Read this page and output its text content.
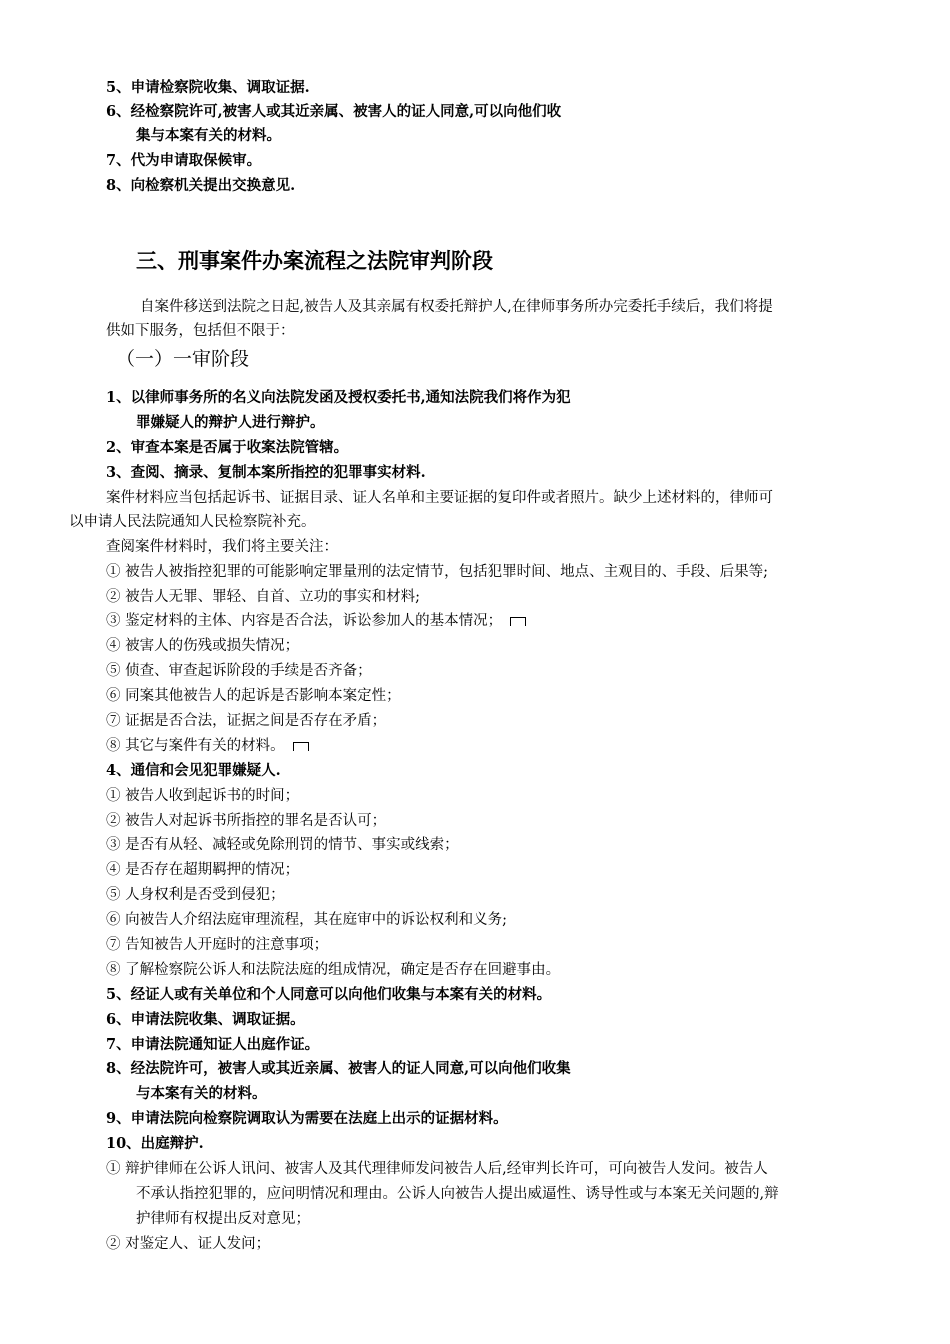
5、申请检察院收集、调取证据.
6、经检察院许可,被害人或其近亲属、被害人的证人同意,可以向他们收
集与本案有关的材料。
7、代为申请取保候审。
8、向检察机关提出交换意见.
三、刑事案件办案流程之法院审判阶段
自案件移送到法院之日起,被告人及其亲属有权委托辩护人,在律师事务所办完委托手续后，我们将提
供如下服务，包括但不限于：
（一）一审阶段
1、以律师事务所的名义向法院发函及授权委托书,通知法院我们将作为犯
罪嫌疑人的辩护人进行辩护。
2、审查本案是否属于收案法院管辖。
3、查阅、摘录、复制本案所指控的犯罪事实材料.
案件材料应当包括起诉书、证据目录、证人名单和主要证据的复印件或者照片。缺少上述材料的，律师可
以申请人民法院通知人民检察院补充。
查阅案件材料时，我们将主要关注：
① 被告人被指控犯罪的可能影响定罪量刑的法定情节，包括犯罪时间、地点、主观目的、手段、后果等;
② 被告人无罪、罪轻、自首、立功的事实和材料;
③ 鉴定材料的主体、内容是否合法，诉讼参加人的基本情况；
④ 被害人的伤残或损失情况；
⑤ 侦查、审查起诉阶段的手续是否齐备；
⑥ 同案其他被告人的起诉是否影响本案定性；
⑦ 证据是否合法，证据之间是否存在矛盾；
⑧ 其它与案件有关的材料。
4、通信和会见犯罪嫌疑人.
① 被告人收到起诉书的时间；
② 被告人对起诉书所指控的罪名是否认可；
③ 是否有从轻、减轻或免除刑罚的情节、事实或线索；
④ 是否存在超期羁押的情况；
⑤ 人身权利是否受到侵犯；
⑥ 向被告人介绍法庭审理流程，其在庭审中的诉讼权利和义务;
⑦ 告知被告人开庭时的注意事项；
⑧ 了解检察院公诉人和法院法庭的组成情况，确定是否存在回避事由。
5、经证人或有关单位和个人同意可以向他们收集与本案有关的材料。
6、申请法院收集、调取证据。
7、申请法院通知证人出庭作证。
8、经法院许可，被害人或其近亲属、被害人的证人同意,可以向他们收集
与本案有关的材料。
9、申请法院向检察院调取认为需要在法庭上出示的证据材料。
10、出庭辩护.
① 辩护律师在公诉人讯问、被害人及其代理律师发问被告人后,经审判长许可，可向被告人发问。被告人
不承认指控犯罪的，应问明情况和理由。公诉人向被告人提出威逼性、诱导性或与本案无关问题的,辩
护律师有权提出反对意见；
② 对鉴定人、证人发问；
